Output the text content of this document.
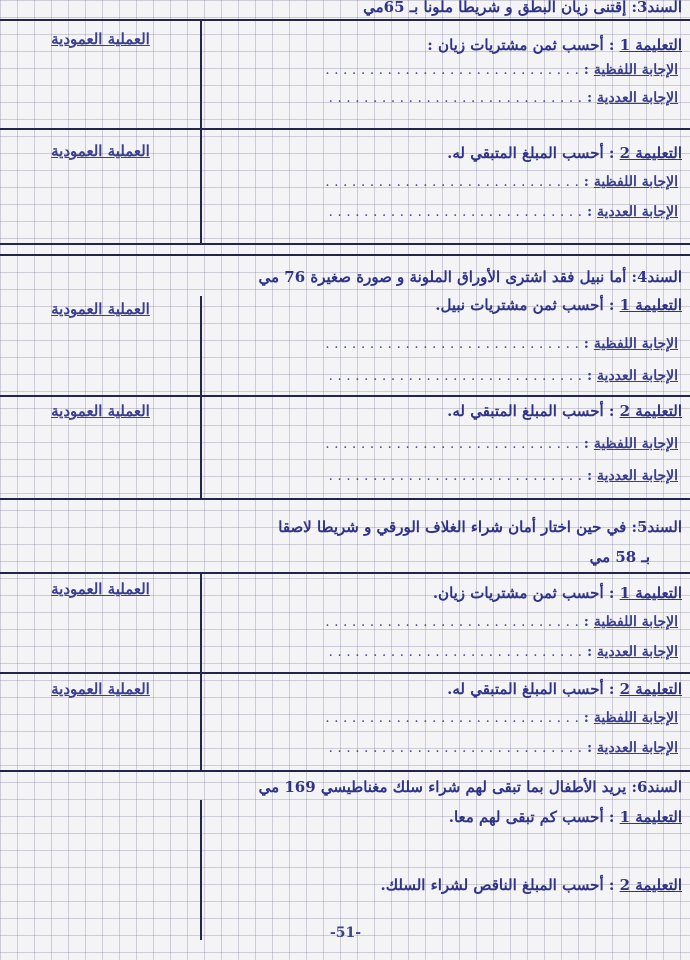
السند3: إقتنى زيان البطق و شريطا ملونا بـ 65مي
العملية العمودية	التعليمة 1 : أحسب ثمن مشتريات زيان :
الإجابة اللفظية : . . . . . . . . . . . . . . . . . . . . . . . . . . . . .
الإجابة العددية : . . . . . . . . . . . . . . . . . . . . . . . . . . . . .
العملية العمودية	التعليمة 2 : أحسب المبلغ المتبقي له.
الإجابة اللفظية : . . . . . . . . . . . . . . . . . . . . . . . . . . . . .
الإجابة العددية : . . . . . . . . . . . . . . . . . . . . . . . . . . . . .
السند4: أما نبيل فقد اشترى الأوراق الملونة و صورة صغيرة 76 مي
العملية العمودية	التعليمة 1 : أحسب ثمن مشتريات نبيل.
الإجابة اللفظية : . . . . . . . . . . . . . . . . . . . . . . . . . . . . .
الإجابة العددية : . . . . . . . . . . . . . . . . . . . . . . . . . . . . .
العملية العمودية	التعليمة 2 : أحسب المبلغ المتبقي له.
الإجابة اللفظية : . . . . . . . . . . . . . . . . . . . . . . . . . . . . .
الإجابة العددية : . . . . . . . . . . . . . . . . . . . . . . . . . . . . .
السند5: في حين اختار أمان شراء الغلاف الورقي و شريطا لاصقا
بـ 58 مي
العملية العمودية	التعليمة 1 : أحسب ثمن مشتريات زيان.
الإجابة اللفظية : . . . . . . . . . . . . . . . . . . . . . . . . . . . . .
الإجابة العددية : . . . . . . . . . . . . . . . . . . . . . . . . . . . . .
العملية العمودية	التعليمة 2 : أحسب المبلغ المتبقي له.
الإجابة اللفظية : . . . . . . . . . . . . . . . . . . . . . . . . . . . . .
الإجابة العددية : . . . . . . . . . . . . . . . . . . . . . . . . . . . . .
السند6: يريد الأطفال بما تبقى لهم شراء سلك مغناطيسي 169 مي
التعليمة 1 : أحسب كم تبقى لهم معا.
التعليمة 2 : أحسب المبلغ الناقص لشراء السلك.
-51-
